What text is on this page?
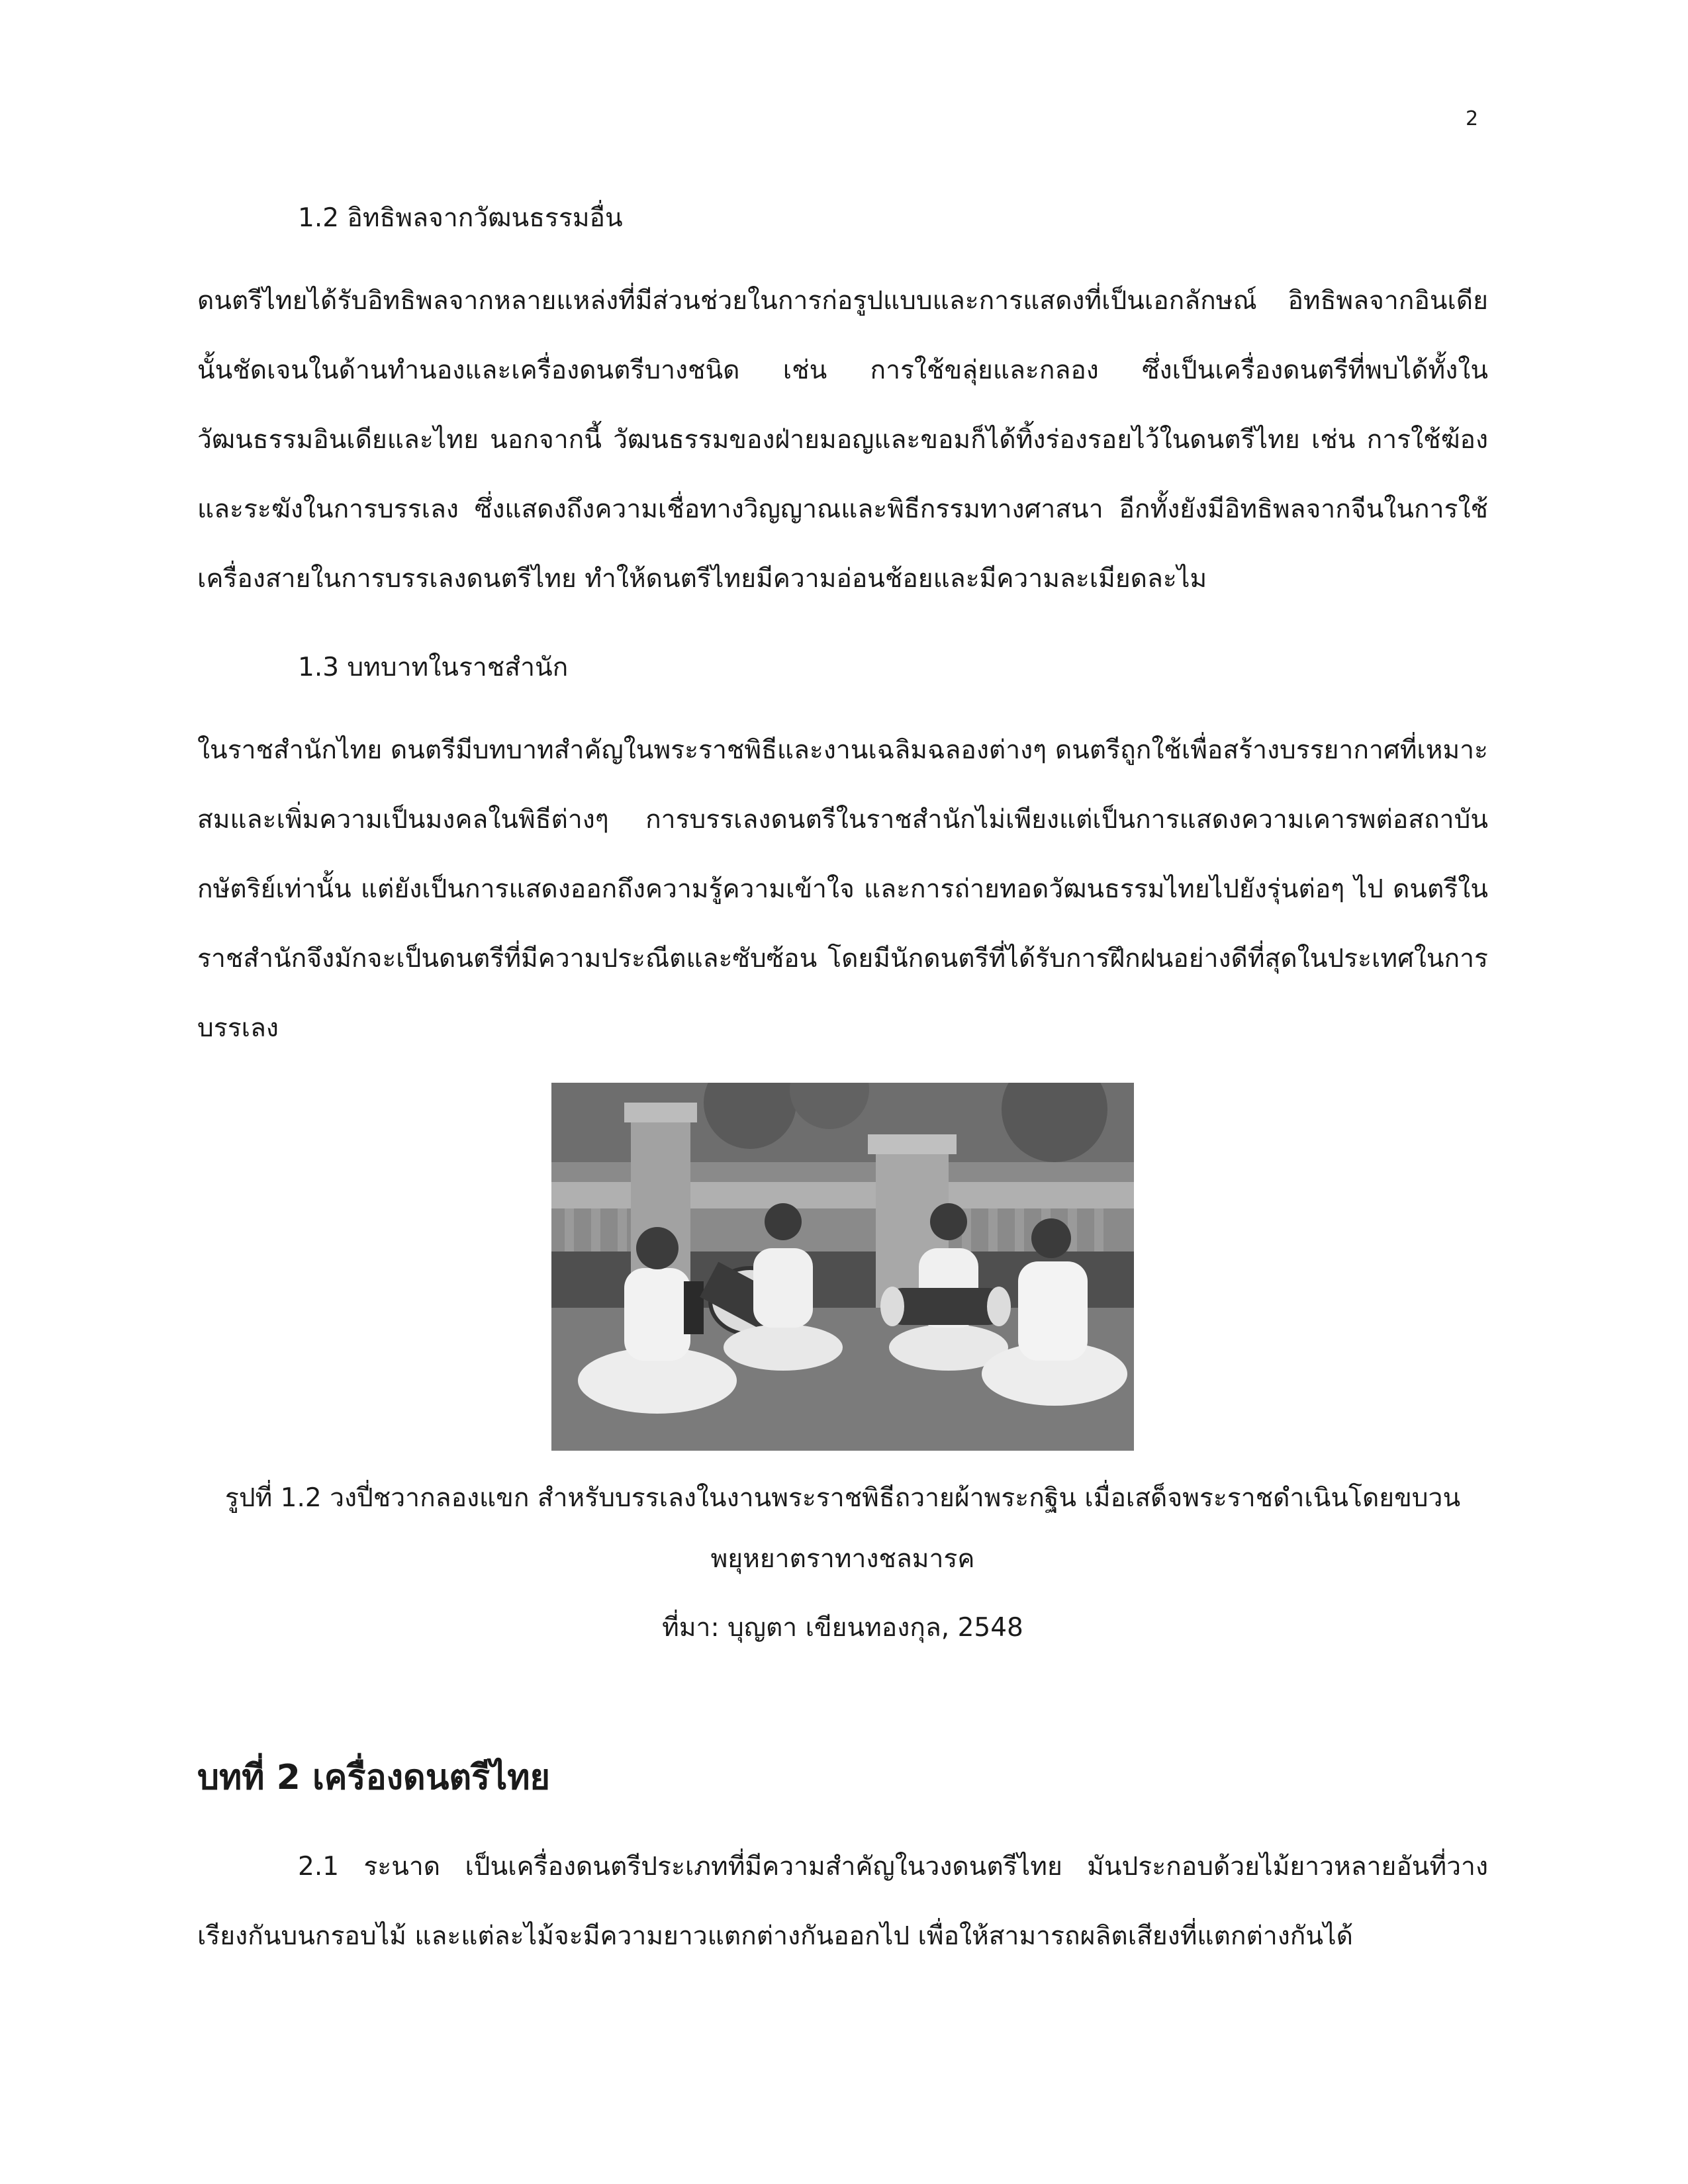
2

1.2 อิทธิพลจากวัฒนธรรมอื่น

ดนตรีไทยได้รับอิทธิพลจากหลายแหล่งที่มีส่วนช่วยในการก่อรูปแบบและการแสดงที่เป็นเอกลักษณ์ อิทธิพลจากอินเดียนั้นชัดเจนในด้านทำนองและเครื่องดนตรีบางชนิด เช่น การใช้ขลุ่ยและกลอง ซึ่งเป็นเครื่องดนตรีที่พบได้ทั้งในวัฒนธรรมอินเดียและไทย นอกจากนี้ วัฒนธรรมของฝ่ายมอญและขอมก็ได้ทิ้งร่องรอยไว้ในดนตรีไทย เช่น การใช้ฆ้องและระฆังในการบรรเลง ซึ่งแสดงถึงความเชื่อทางวิญญาณและพิธีกรรมทางศาสนา อีกทั้งยังมีอิทธิพลจากจีนในการใช้เครื่องสายในการบรรเลงดนตรีไทย ทำให้ดนตรีไทยมีความอ่อนช้อยและมีความละเมียดละไม

1.3 บทบาทในราชสำนัก

ในราชสำนักไทย ดนตรีมีบทบาทสำคัญในพระราชพิธีและงานเฉลิมฉลองต่างๆ ดนตรีถูกใช้เพื่อสร้างบรรยากาศที่เหมาะสมและเพิ่มความเป็นมงคลในพิธีต่างๆ การบรรเลงดนตรีในราชสำนักไม่เพียงแต่เป็นการแสดงความเคารพต่อสถาบันกษัตริย์เท่านั้น แต่ยังเป็นการแสดงออกถึงความรู้ความเข้าใจ และการถ่ายทอดวัฒนธรรมไทยไปยังรุ่นต่อๆ ไป ดนตรีในราชสำนักจึงมักจะเป็นดนตรีที่มีความประณีตและซับซ้อน โดยมีนักดนตรีที่ได้รับการฝึกฝนอย่างดีที่สุดในประเทศในการบรรเลง

รูปที่ 1.2 วงปี่ชวากลองแขก สำหรับบรรเลงในงานพระราชพิธีถวายผ้าพระกฐิน เมื่อเสด็จพระราชดำเนินโดยขบวนพยุหยาตราทางชลมารค

ที่มา: บุญตา เขียนทองกุล, 2548

บทที่ 2 เครื่องดนตรีไทย

2.1 ระนาด เป็นเครื่องดนตรีประเภทที่มีความสำคัญในวงดนตรีไทย มันประกอบด้วยไม้ยาวหลายอันที่วางเรียงกันบนกรอบไม้ และแต่ละไม้จะมีความยาวแตกต่างกันออกไป เพื่อให้สามารถผลิตเสียงที่แตกต่างกันได้
